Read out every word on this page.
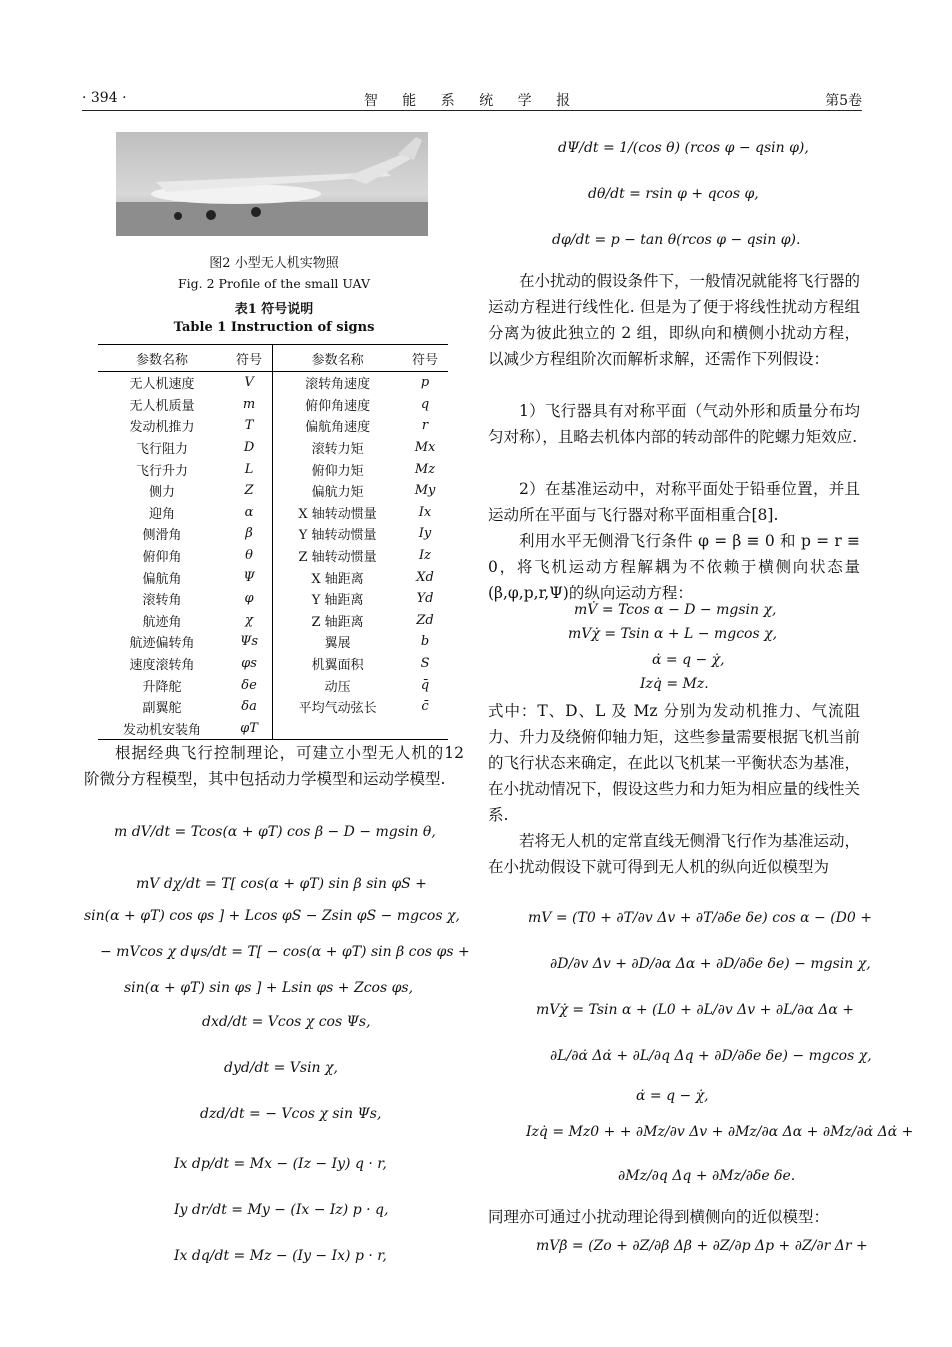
· 394 ·	智 能 系 统 学 报	第5卷
图2 小型无人机实物照
Fig. 2 Profile of the small UAV
表1 符号说明
Table 1 Instruction of signs
参数名称	符号	参数名称	符号
无人机速度	V	滚转角速度	p
无人机质量	m	俯仰角速度	q
发动机推力	T	偏航角速度	r
飞行阻力	D	滚转力矩	Mx
飞行升力	L	俯仰力矩	Mz
侧力	Z	偏航力矩	My
迎角	α	X 轴转动惯量	Ix
侧滑角	β	Y 轴转动惯量	Iy
俯仰角	θ	Z 轴转动惯量	Iz
偏航角	Ψ	X 轴距离	Xd
滚转角	φ	Y 轴距离	Yd
航迹角	χ	Z 轴距离	Zd
航迹偏转角	Ψs	翼展	b
速度滚转角	φs	机翼面积	S
升降舵	δe	动压	q̄
副翼舵	δa	平均气动弦长	c̄
发动机安装角	φT		
根据经典飞行控制理论，可建立小型无人机的12 阶微分方程模型，其中包括动力学模型和运动学模型.
m dV/dt = Tcos(α + φT) cos β − D − mgsin θ,
mV dχ/dt = T[ cos(α + φT) sin β sin φS +
sin(α + φT) cos φs ] + Lcos φS − Zsin φS − mgcos χ,
− mVcos χ dψs/dt = T[ − cos(α + φT) sin β cos φs +
sin(α + φT) sin φs ] + Lsin φs + Zcos φs,
dxd/dt = Vcos χ cos Ψs,
dyd/dt = Vsin χ,
dzd/dt = − Vcos χ sin Ψs,
Ix dp/dt = Mx − (Iz − Iy) q · r,
Iy dr/dt = My − (Ix − Iz) p · q,
Ix dq/dt = Mz − (Iy − Ix) p · r,
dΨ/dt = 1/(cos θ) (rcos φ − qsin φ),
dθ/dt = rsin φ + qcos φ,
dφ/dt = p − tan θ(rcos φ − qsin φ).
在小扰动的假设条件下，一般情况就能将飞行器的运动方程进行线性化. 但是为了便于将线性扰动方程组分离为彼此独立的 2 组，即纵向和横侧小扰动方程，以减少方程组阶次而解析求解，还需作下列假设：
1）飞行器具有对称平面（气动外形和质量分布均匀对称），且略去机体内部的转动部件的陀螺力矩效应.
2）在基准运动中，对称平面处于铅垂位置，并且运动所在平面与飞行器对称平面相重合[8].
利用水平无侧滑飞行条件 φ = β ≡ 0 和 p = r ≡ 0，将飞机运动方程解耦为不依赖于横侧向状态量(β,φ,p,r,Ψ)的纵向运动方程：
mV̇ = Tcos α − D − mgsin χ,
mVχ̇ = Tsin α + L − mgcos χ,
α̇ = q − χ̇,
Izq̇ = Mz.
式中：T、D、L 及 Mz 分别为发动机推力、气流阻力、升力及绕俯仰轴力矩，这些参量需要根据飞机当前的飞行状态来确定，在此以飞机某一平衡状态为基准，在小扰动情况下，假设这些力和力矩为相应量的线性关系.
若将无人机的定常直线无侧滑飞行作为基准运动，在小扰动假设下就可得到无人机的纵向近似模型为
mV = (T0 + ∂T/∂v Δv + ∂T/∂δe δe) cos α − (D0 +
∂D/∂v Δv + ∂D/∂α Δα + ∂D/∂δe δe) − mgsin χ,
mVχ̇ = Tsin α + (L0 + ∂L/∂v Δv + ∂L/∂α Δα +
∂L/∂α̇ Δα̇ + ∂L/∂q Δq + ∂D/∂δe δe) − mgcos χ,
α̇ = q − χ̇,
Izq̇ = Mz0 + + ∂Mz/∂v Δv + ∂Mz/∂α Δα + ∂Mz/∂α̇ Δα̇ +
∂Mz/∂q Δq + ∂Mz/∂δe δe.
同理亦可通过小扰动理论得到横侧向的近似模型：
mVβ̇ = (Zo + ∂Z/∂β Δβ + ∂Z/∂p Δp + ∂Z/∂r Δr +
